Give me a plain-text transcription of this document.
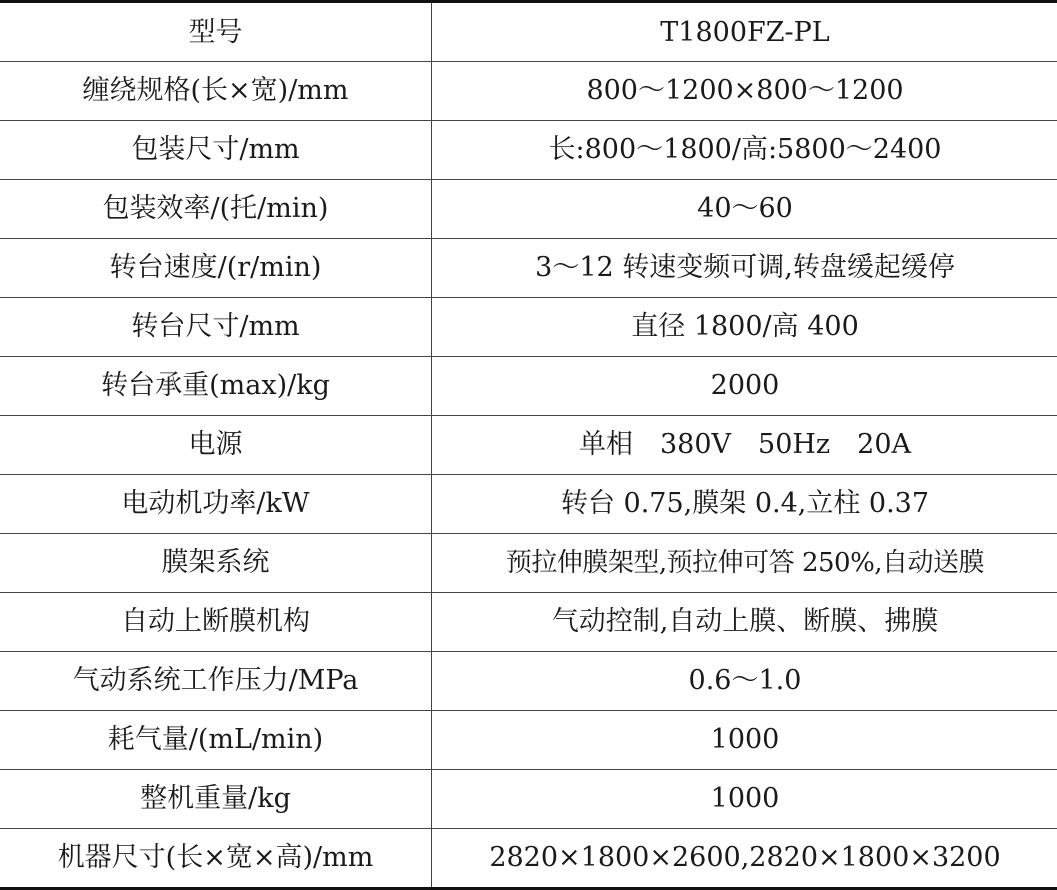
型号	T1800FZ-PL
缠绕规格(长×宽)/mm	800～1200×800～1200
包装尺寸/mm	长:800～1800/高:5800～2400
包装效率/(托/min)	40～60
转台速度/(r/min)	3～12 转速变频可调,转盘缓起缓停
转台尺寸/mm	直径 1800/高 400
转台承重(max)/kg	2000
电源	单相　380V　50Hz　20A
电动机功率/kW	转台 0.75,膜架 0.4,立柱 0.37
膜架系统	预拉伸膜架型,预拉伸可答 250%,自动送膜
自动上断膜机构	气动控制,自动上膜、断膜、拂膜
气动系统工作压力/MPa	0.6～1.0
耗气量/(mL/min)	1000
整机重量/kg	1000
机器尺寸(长×宽×高)/mm	2820×1800×2600,2820×1800×3200
